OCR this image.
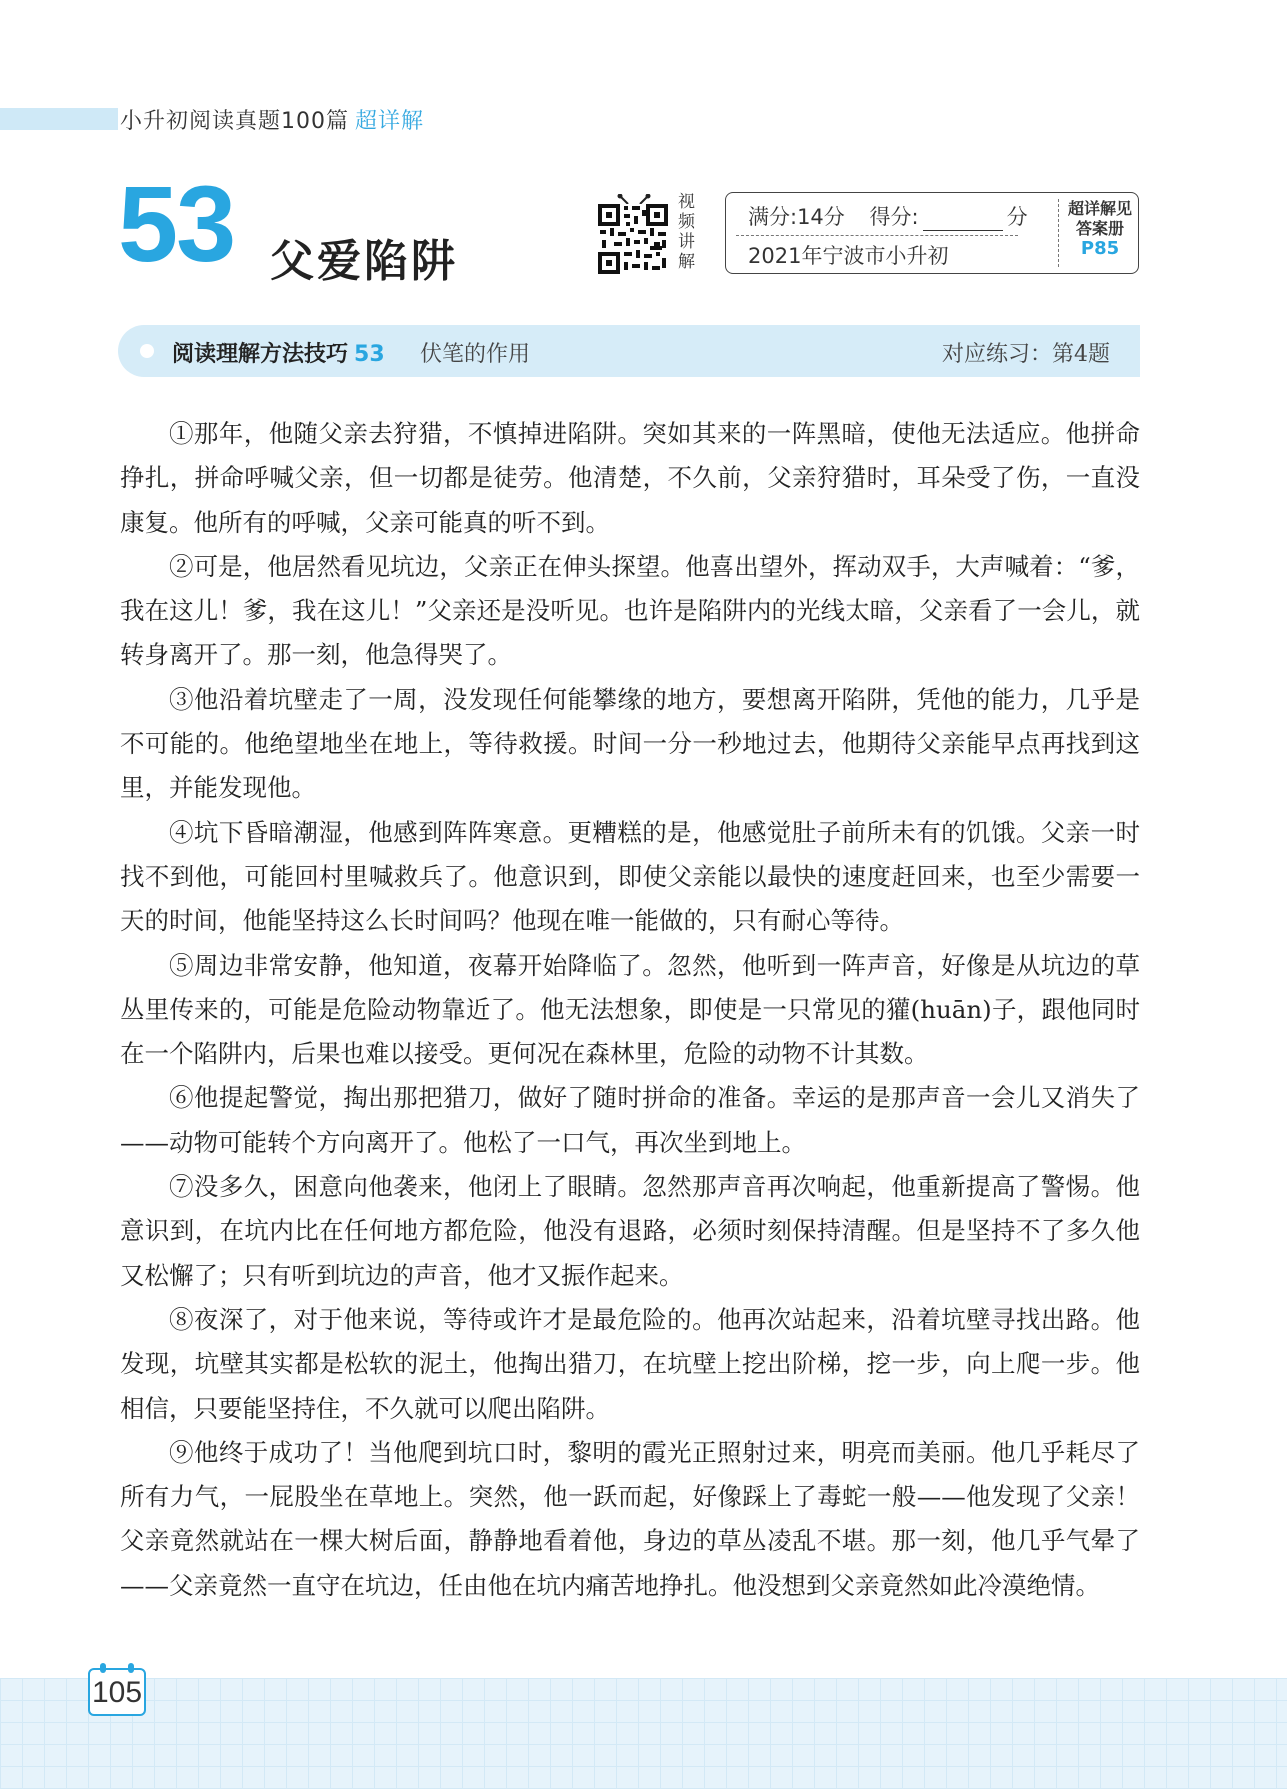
小升初阅读真题100篇 超详解
53 父爱陷阱
视
频
讲
解
满分:14分 得分:	分
2021年宁波市小升初
超详解见
答案册
P85
阅读理解方法技巧 53 伏笔的作用	对应练习：第4题

①那年，他随父亲去狩猎，不慎掉进陷阱。突如其来的一阵黑暗，使他无法适应。他拼命挣扎，拼命呼喊父亲，但一切都是徒劳。他清楚，不久前，父亲狩猎时，耳朵受了伤，一直没康复。他所有的呼喊，父亲可能真的听不到。

②可是，他居然看见坑边，父亲正在伸头探望。他喜出望外，挥动双手，大声喊着：“爹，我在这儿！爹，我在这儿！”父亲还是没听见。也许是陷阱内的光线太暗，父亲看了一会儿，就转身离开了。那一刻，他急得哭了。

③他沿着坑壁走了一周，没发现任何能攀缘的地方，要想离开陷阱，凭他的能力，几乎是不可能的。他绝望地坐在地上，等待救援。时间一分一秒地过去，他期待父亲能早点再找到这里，并能发现他。

④坑下昏暗潮湿，他感到阵阵寒意。更糟糕的是，他感觉肚子前所未有的饥饿。父亲一时找不到他，可能回村里喊救兵了。他意识到，即使父亲能以最快的速度赶回来，也至少需要一天的时间，他能坚持这么长时间吗？他现在唯一能做的，只有耐心等待。

⑤周边非常安静，他知道，夜幕开始降临了。忽然，他听到一阵声音，好像是从坑边的草丛里传来的，可能是危险动物靠近了。他无法想象，即使是一只常见的獾(huān)子，跟他同时在一个陷阱内，后果也难以接受。更何况在森林里，危险的动物不计其数。

⑥他提起警觉，掏出那把猎刀，做好了随时拼命的准备。幸运的是那声音一会儿又消失了——动物可能转个方向离开了。他松了一口气，再次坐到地上。

⑦没多久，困意向他袭来，他闭上了眼睛。忽然那声音再次响起，他重新提高了警惕。他意识到，在坑内比在任何地方都危险，他没有退路，必须时刻保持清醒。但是坚持不了多久他又松懈了；只有听到坑边的声音，他才又振作起来。

⑧夜深了，对于他来说，等待或许才是最危险的。他再次站起来，沿着坑壁寻找出路。他发现，坑壁其实都是松软的泥土，他掏出猎刀，在坑壁上挖出阶梯，挖一步，向上爬一步。他相信，只要能坚持住，不久就可以爬出陷阱。

⑨他终于成功了！当他爬到坑口时，黎明的霞光正照射过来，明亮而美丽。他几乎耗尽了所有力气，一屁股坐在草地上。突然，他一跃而起，好像踩上了毒蛇一般——他发现了父亲！父亲竟然就站在一棵大树后面，静静地看着他，身边的草丛凌乱不堪。那一刻，他几乎气晕了——父亲竟然一直守在坑边，任由他在坑内痛苦地挣扎。他没想到父亲竟然如此冷漠绝情。

105
